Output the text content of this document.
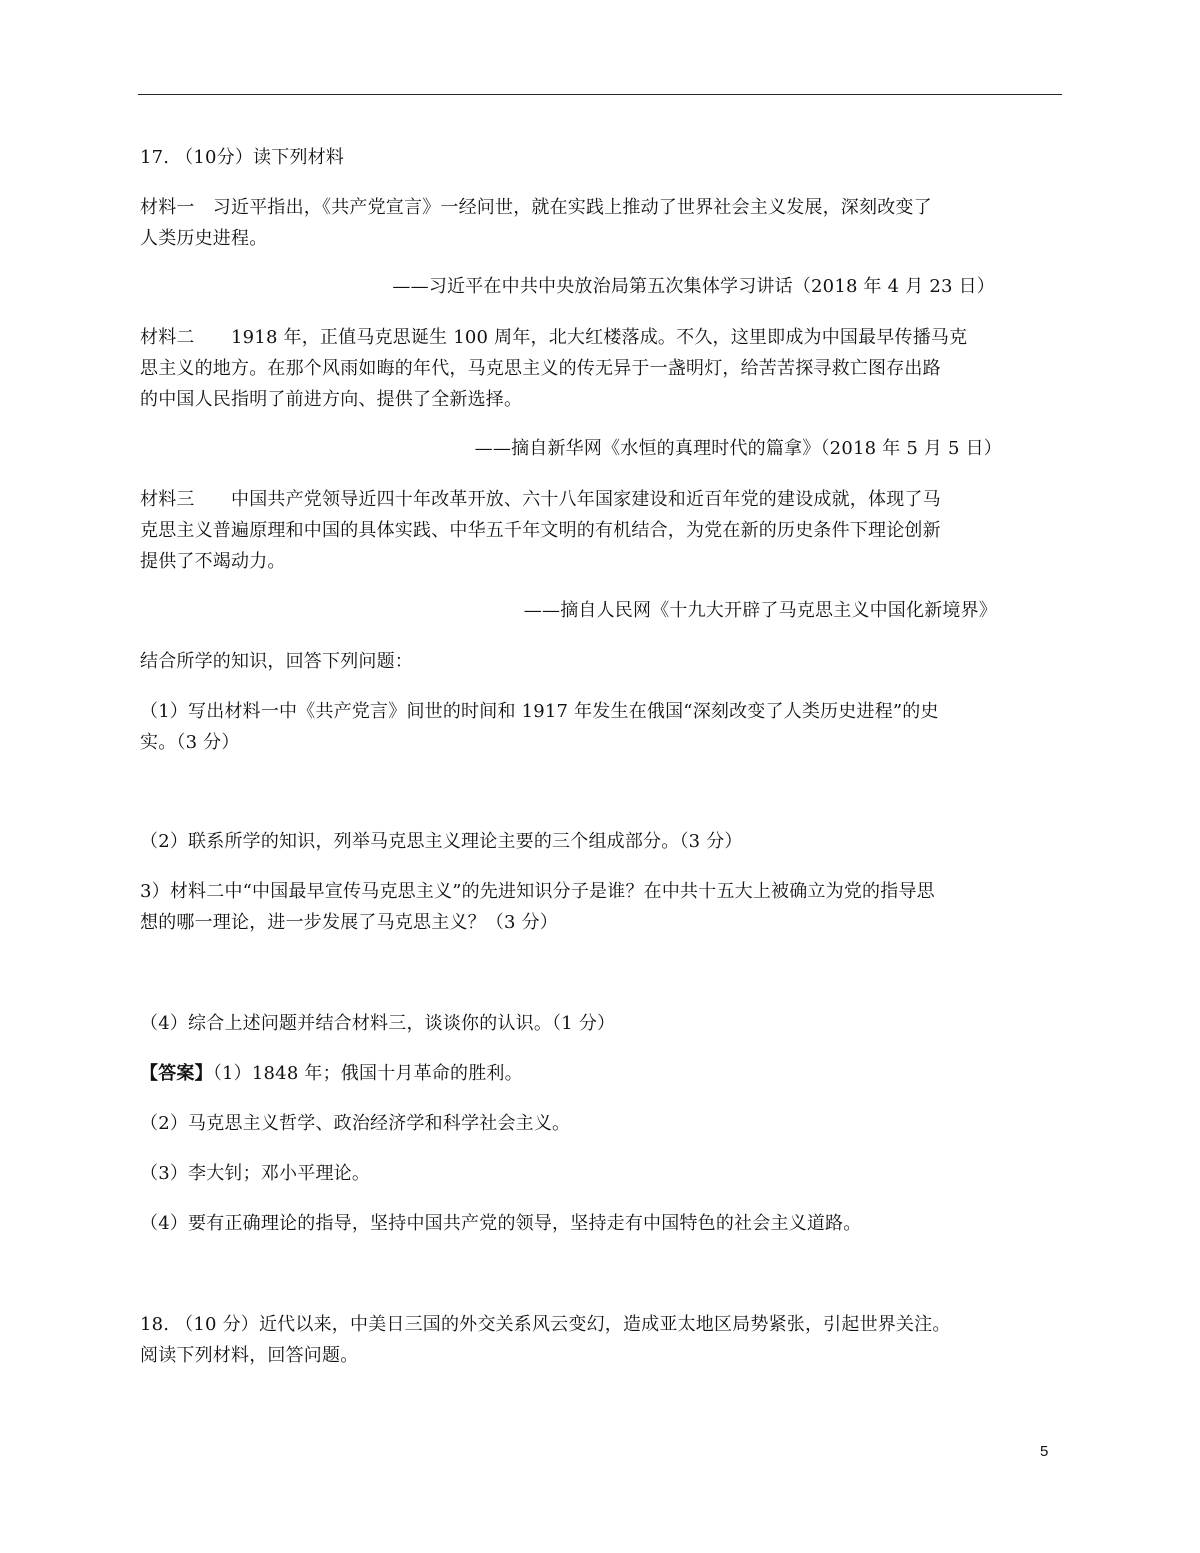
17. （10分）读下列材料
材料一　习近平指出，《共产党宣言》一经问世，就在实践上推动了世界社会主义发展，深刻改变了
人类历史进程。
——习近平在中共中央放治局第五次集体学习讲话（2018 年 4 月 23 日）
材料二　　1918 年，正值马克思诞生 100 周年，北大红楼落成。不久，这里即成为中国最早传播马克
思主义的地方。在那个风雨如晦的年代，马克思主义的传无异于一盏明灯，给苦苦探寻救亡图存出路
的中国人民指明了前进方向、提供了全新选择。
——摘自新华网《水恒的真理时代的篇拿》（2018 年 5 月 5 日）
材料三　　中国共产党领导近四十年改革开放、六十八年国家建设和近百年党的建设成就，体现了马
克思主义普遍原理和中国的具体实践、中华五千年文明的有机结合，为党在新的历史条件下理论创新
提供了不竭动力。
——摘自人民网《十九大开辟了马克思主义中国化新境界》
结合所学的知识，回答下列问题：
（1）写出材料一中《共产党言》间世的时间和 1917 年发生在俄国“深刻改变了人类历史进程”的史
实。（3 分）
（2）联系所学的知识，列举马克思主义理论主要的三个组成部分。（3 分）
3）材料二中“中国最早宣传马克思主义”的先进知识分子是谁？在中共十五大上被确立为党的指导思
想的哪一理论，进一步发展了马克思主义？（3 分）
（4）综合上述问题并结合材料三，谈谈你的认识。（1 分）
【答案】（1）1848 年；俄国十月革命的胜利。
（2）马克思主义哲学、政治经济学和科学社会主义。
（3）李大钊；邓小平理论。
（4）要有正确理论的指导，坚持中国共产党的领导，坚持走有中国特色的社会主义道路。
18. （10 分）近代以来，中美日三国的外交关系风云变幻，造成亚太地区局势紧张，引起世界关注。
阅读下列材料，回答问题。
5
